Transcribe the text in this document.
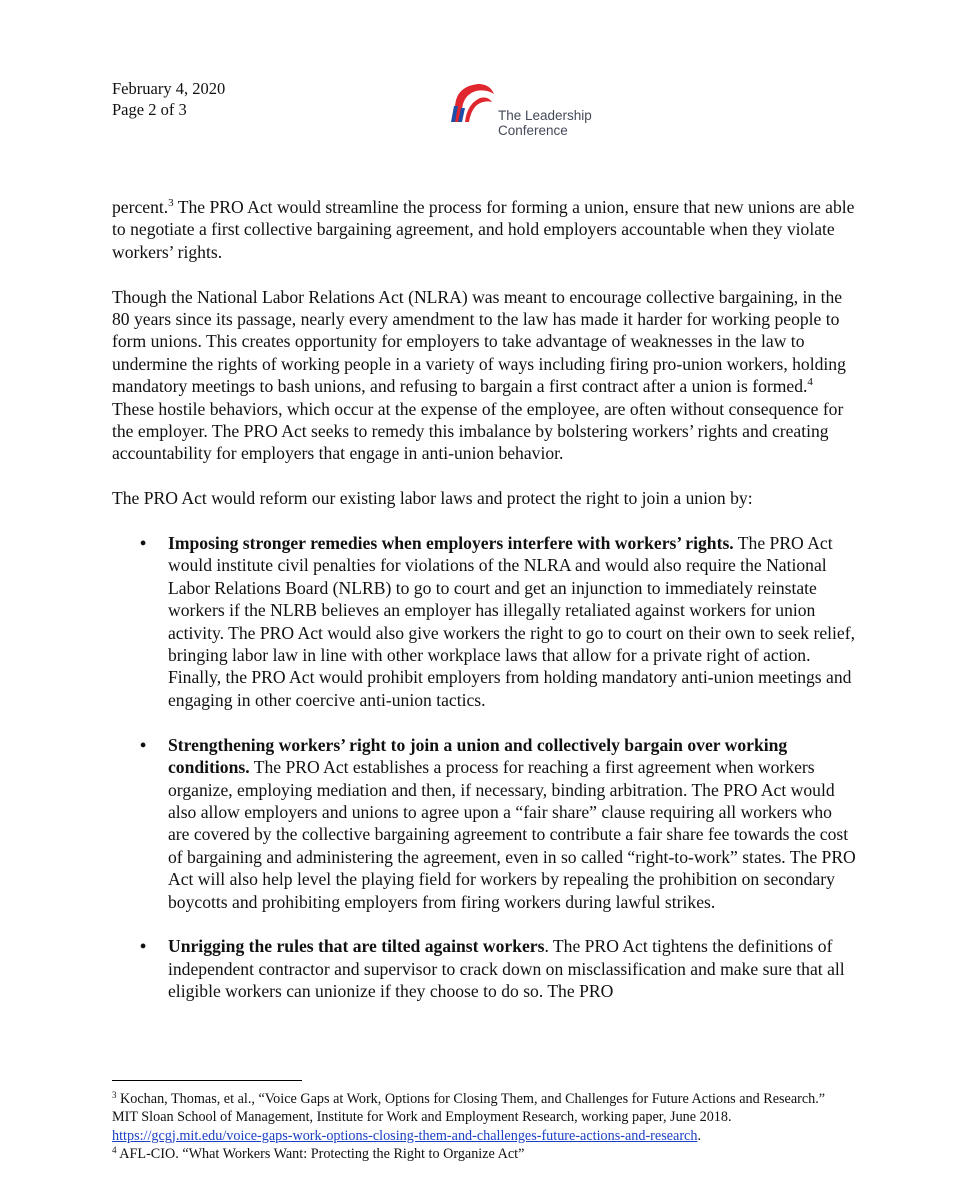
February 4, 2020
Page 2 of 3	The Leadership
Conference

percent.$^3$ The PRO Act would streamline the process for forming a union, ensure that new unions are able to negotiate a first collective bargaining agreement, and hold employers accountable when they violate workers’ rights.

Though the National Labor Relations Act (NLRA) was meant to encourage collective bargaining, in the 80 years since its passage, nearly every amendment to the law has made it harder for working people to form unions. This creates opportunity for employers to take advantage of weaknesses in the law to undermine the rights of working people in a variety of ways including firing pro-union workers, holding mandatory meetings to bash unions, and refusing to bargain a first contract after a union is formed.$^4$ These hostile behaviors, which occur at the expense of the employee, are often without consequence for the employer. The PRO Act seeks to remedy this imbalance by bolstering workers’ rights and creating accountability for employers that engage in anti-union behavior.

The PRO Act would reform our existing labor laws and protect the right to join a union by:

• Imposing stronger remedies when employers interfere with workers’ rights. The PRO Act would institute civil penalties for violations of the NLRA and would also require the National Labor Relations Board (NLRB) to go to court and get an injunction to immediately reinstate workers if the NLRB believes an employer has illegally retaliated against workers for union activity. The PRO Act would also give workers the right to go to court on their own to seek relief, bringing labor law in line with other workplace laws that allow for a private right of action. Finally, the PRO Act would prohibit employers from holding mandatory anti-union meetings and engaging in other coercive anti-union tactics.
• Strengthening workers’ right to join a union and collectively bargain over working conditions. The PRO Act establishes a process for reaching a first agreement when workers organize, employing mediation and then, if necessary, binding arbitration. The PRO Act would also allow employers and unions to agree upon a “fair share” clause requiring all workers who are covered by the collective bargaining agreement to contribute a fair share fee towards the cost of bargaining and administering the agreement, even in so called “right-to-work” states. The PRO Act will also help level the playing field for workers by repealing the prohibition on secondary boycotts and prohibiting employers from firing workers during lawful strikes.
• Unrigging the rules that are tilted against workers. The PRO Act tightens the definitions of independent contractor and supervisor to crack down on misclassification and make sure that all eligible workers can unionize if they choose to do so. The PRO

$^3$ Kochan, Thomas, et al., “Voice Gaps at Work, Options for Closing Them, and Challenges for Future Actions and Research.” MIT Sloan School of Management, Institute for Work and Employment Research, working paper, June 2018. https://gcgj.mit.edu/voice-gaps-work-options-closing-them-and-challenges-future-actions-and-research.

$^4$ AFL-CIO. “What Workers Want: Protecting the Right to Organize Act”
